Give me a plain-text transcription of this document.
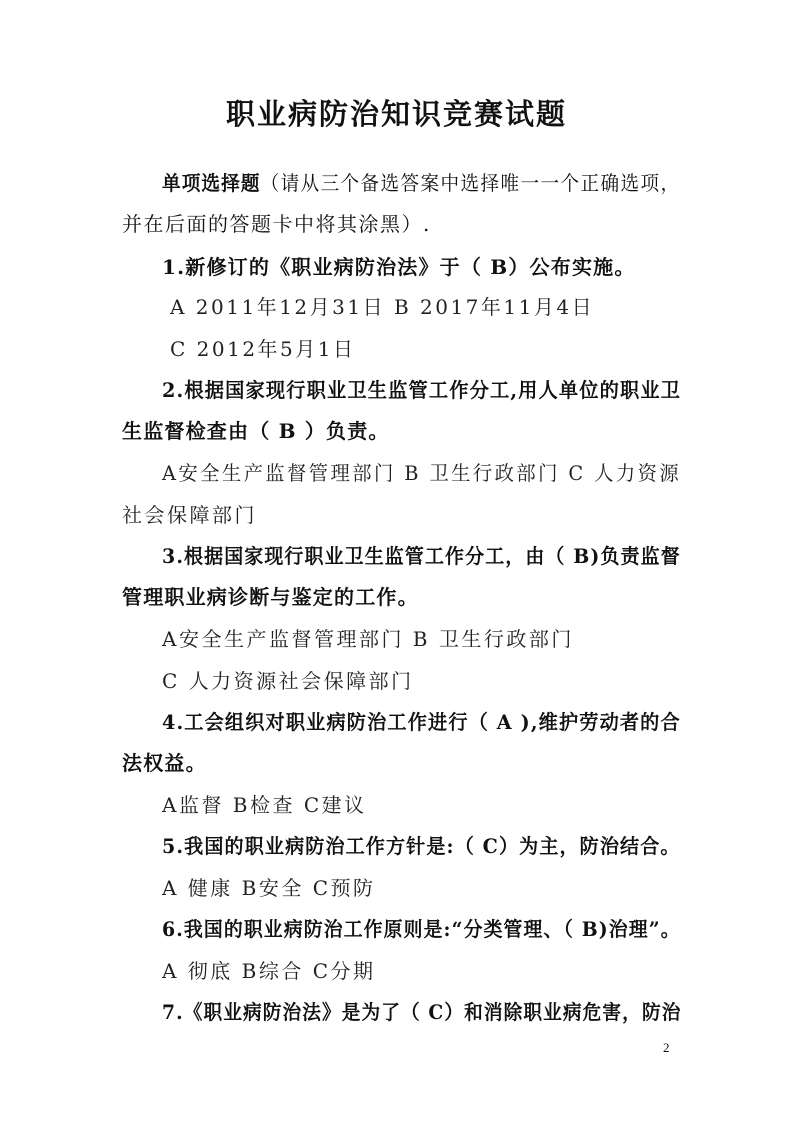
职业病防治知识竞赛试题
单项选择题（请从三个备选答案中选择唯一一个正确选项，
并在后面的答题卡中将其涂黑）.
1.新修订的《职业病防治法》于（ B）公布实施。
A 2011年12月31日 B 2017年11月4日
C 2012年5月1日
2.根据国家现行职业卫生监管工作分工,用人单位的职业卫
生监督检查由（ B ）负责。
A安全生产监督管理部门 B 卫生行政部门 C 人力资源
社会保障部门
3.根据国家现行职业卫生监管工作分工，由（ B)负责监督
管理职业病诊断与鉴定的工作。
A安全生产监督管理部门 B 卫生行政部门
C 人力资源社会保障部门
4.工会组织对职业病防治工作进行（ A ),维护劳动者的合
法权益。
A监督 B检查 C建议
5.我国的职业病防治工作方针是:（ C）为主，防治结合。
A 健康 B安全 C预防
6.我国的职业病防治工作原则是:“分类管理、（ B)治理”。
A 彻底 B综合 C分期
7.《职业病防治法》是为了（ C）和消除职业病危害，防治
2
